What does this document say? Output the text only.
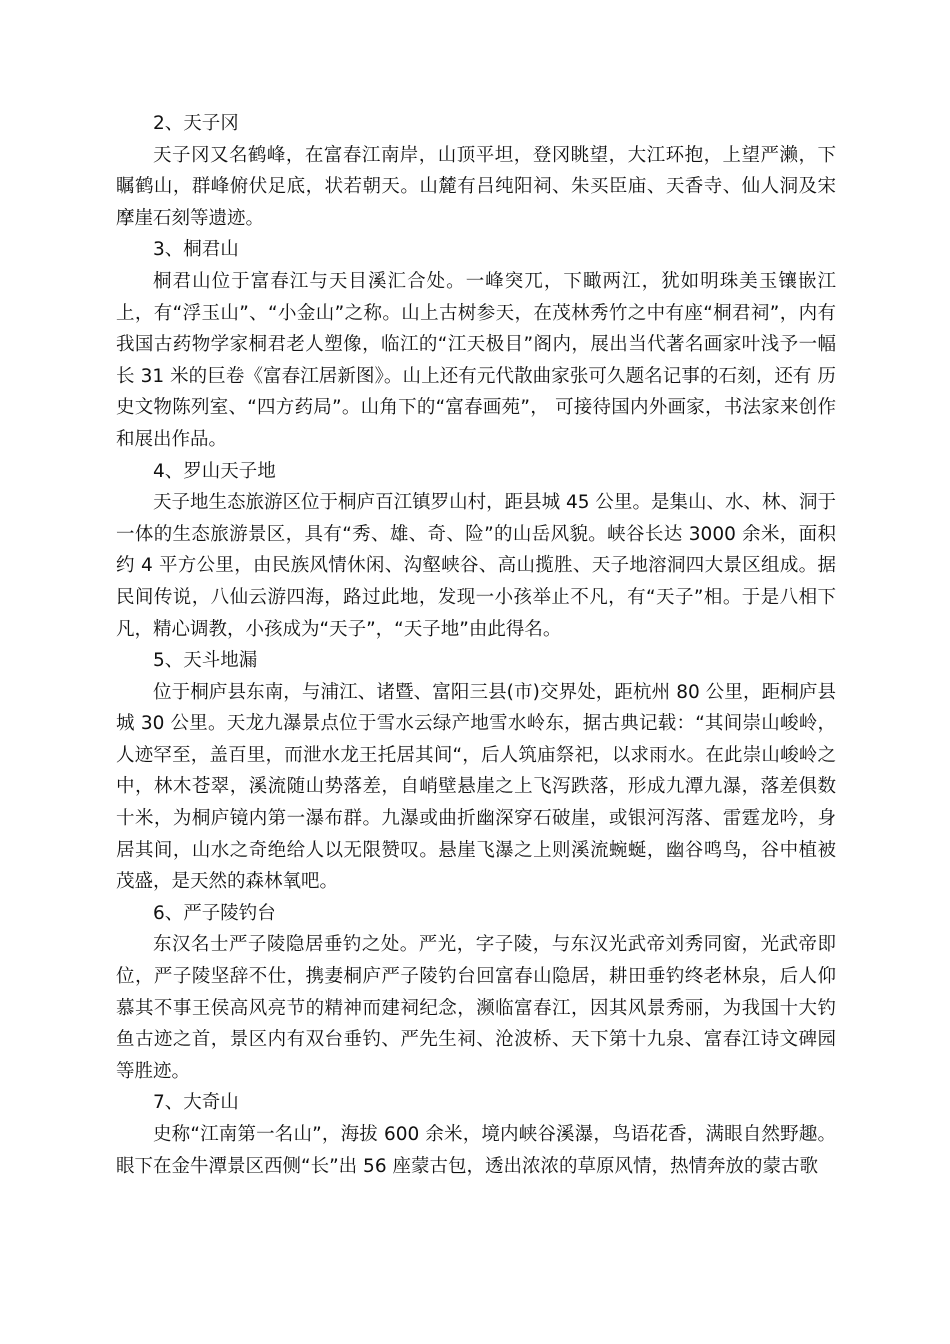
2、天子冈
天子冈又名鹤峰，在富春江南岸，山顶平坦，登冈眺望，大江环抱，上望严濑，下瞩鹤山，群峰俯伏足底，状若朝天。山麓有吕纯阳祠、朱买臣庙、天香寺、仙人洞及宋摩崖石刻等遗迹。
3、桐君山
桐君山位于富春江与天目溪汇合处。一峰突兀，下瞰两江，犹如明珠美玉镶嵌江上，有“浮玉山”、“小金山”之称。山上古树参天，在茂林秀竹之中有座“桐君祠”，内有我国古药物学家桐君老人塑像，临江的“江天极目”阁内，展出当代著名画家叶浅予一幅长 31 米的巨卷《富春江居新图》。山上还有元代散曲家张可久题名记事的石刻，还有 历史文物陈列室、“四方药局”。山角下的“富春画苑”， 可接待国内外画家，书法家来创作和展出作品。
4、罗山天子地
天子地生态旅游区位于桐庐百江镇罗山村，距县城 45 公里。是集山、水、林、洞于一体的生态旅游景区，具有“秀、雄、奇、险”的山岳风貌。峡谷长达 3000 余米，面积约 4 平方公里，由民族风情休闲、沟壑峡谷、高山揽胜、天子地溶洞四大景区组成。据民间传说，八仙云游四海，路过此地，发现一小孩举止不凡，有“天子”相。于是八相下凡，精心调教，小孩成为“天子”，“天子地”由此得名。
5、天斗地漏
位于桐庐县东南，与浦江、诸暨、富阳三县(市)交界处，距杭州 80 公里，距桐庐县城 30 公里。天龙九瀑景点位于雪水云绿产地雪水岭东，据古典记载：“其间崇山峻岭，人迹罕至，盖百里，而泄水龙王托居其间“，后人筑庙祭祀，以求雨水。在此崇山峻岭之中，林木苍翠，溪流随山势落差，自峭壁悬崖之上飞泻跌落，形成九潭九瀑，落差俱数十米，为桐庐镜内第一瀑布群。九瀑或曲折幽深穿石破崖，或银河泻落、雷霆龙吟，身居其间，山水之奇绝给人以无限赞叹。悬崖飞瀑之上则溪流蜿蜒，幽谷鸣鸟，谷中植被茂盛，是天然的森林氧吧。
6、严子陵钓台
东汉名士严子陵隐居垂钓之处。严光，字子陵，与东汉光武帝刘秀同窗，光武帝即位，严子陵坚辞不仕，携妻桐庐严子陵钓台回富春山隐居，耕田垂钓终老林泉，后人仰慕其不事王侯高风亮节的精神而建祠纪念，濒临富春江，因其风景秀丽，为我国十大钓鱼古迹之首，景区内有双台垂钓、严先生祠、沧波桥、天下第十九泉、富春江诗文碑园等胜迹。
7、大奇山
史称“江南第一名山”，海拔 600 余米，境内峡谷溪瀑，鸟语花香，满眼自然野趣。眼下在金牛潭景区西侧“长”出 56 座蒙古包，透出浓浓的草原风情，热情奔放的蒙古歌
